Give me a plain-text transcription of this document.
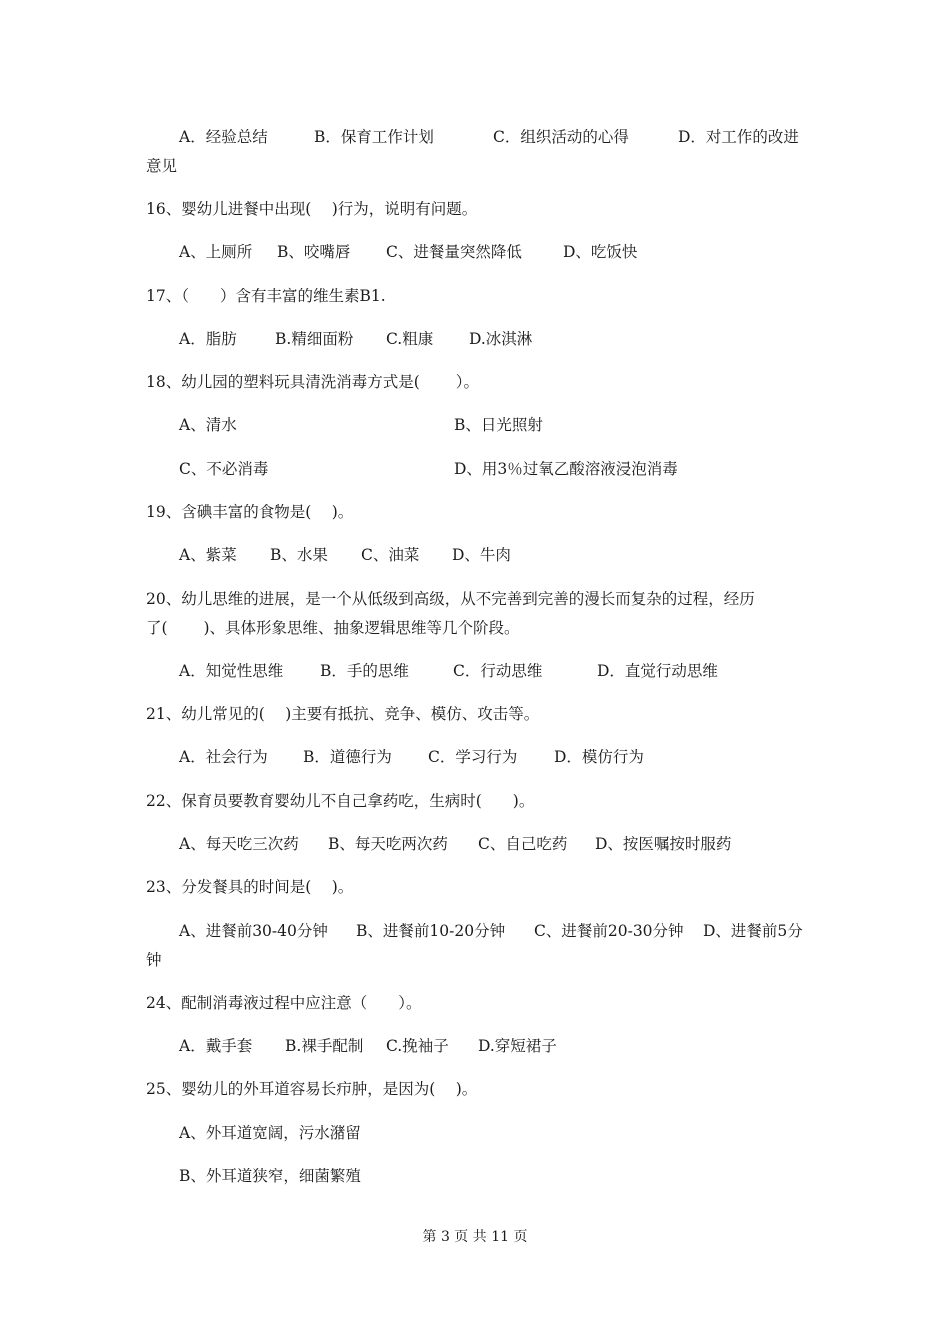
A．经验总结	B．保育工作计划	C．组织活动的心得	D．对工作的改进
意见
16、婴幼儿进餐中出现(　 )行为，说明有问题。
A、上厕所 B、咬嘴唇 C、进餐量突然降低	D、吃饭快
17、（　　）含有丰富的维生素B1.
A．脂肪 B.精细面粉 C.粗康 D.冰淇淋
18、幼儿园的塑料玩具清洗消毒方式是(　　 ）。
A、清水	B、日光照射
C、不必消毒	D、用3％过氧乙酸溶液浸泡消毒
19、含碘丰富的食物是(　 )。
A、紫菜 B、水果 C、油菜 D、牛肉
20、幼儿思维的进展，是一个从低级到高级，从不完善到完善的漫长而复杂的过程，经历
了(　　 )、具体形象思维、抽象逻辑思维等几个阶段。
A．知觉性思维 B．手的思维	C．行动思维	D．直觉行动思维
21、幼儿常见的(　 )主要有抵抗、竞争、模仿、攻击等。
A．社会行为 B．道德行为 C．学习行为 D．模仿行为
22、保育员要教育婴幼儿不自己拿药吃，生病时(　　)。
A、每天吃三次药 B、每天吃两次药 C、自己吃药 D、按医嘱按时服药
23、分发餐具的时间是(　 )。
A、进餐前30-40分钟 B、进餐前10-20分钟 C、进餐前20-30分钟 D、进餐前5分
钟
24、配制消毒液过程中应注意（　　）。
A．戴手套 B.裸手配制 C.挽袖子 D.穿短裙子
25、婴幼儿的外耳道容易长疖肿，是因为(　 )。
A、外耳道宽阔，污水潴留
B、外耳道狭窄，细菌繁殖
第 3 页 共 11 页
